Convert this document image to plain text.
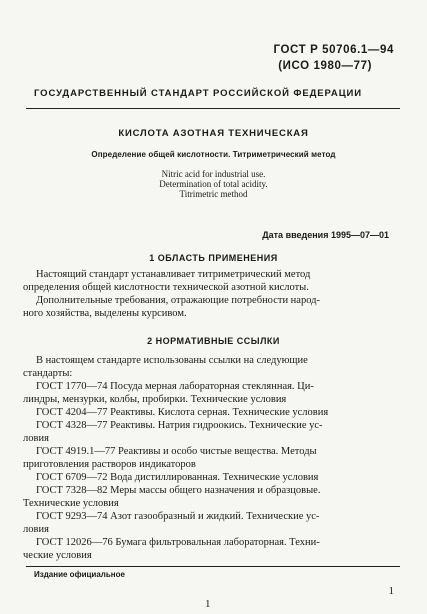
ГОСТ Р 50706.1—94
(ИСО 1980—77)
ГОСУДАРСТВЕННЫЙ СТАНДАРТ РОССИЙСКОЙ ФЕДЕРАЦИИ
КИСЛОТА АЗОТНАЯ ТЕХНИЧЕСКАЯ
Определение общей кислотности. Титриметрический метод
Nitric acid for industrial use.
Determination of total acidity.
Titrimetric method
Дата введения 1995—07—01
1 ОБЛАСТЬ ПРИМЕНЕНИЯ
Настоящий стандарт устанавливает титриметрический метод
определения общей кислотности технической азотной кислоты.
Дополнительные требования, отражающие потребности народ-
ного хозяйства, выделены курсивом.
2 НОРМАТИВНЫЕ ССЫЛКИ
В настоящем стандарте использованы ссылки на следующие
стандарты:
ГОСТ 1770—74 Посуда мерная лабораторная стеклянная. Ци-
линдры, мензурки, колбы, пробирки. Технические условия
ГОСТ 4204—77 Реактивы. Кислота серная. Технические условия
ГОСТ 4328—77 Реактивы. Натрия гидроокись. Технические ус-
ловия
ГОСТ 4919.1—77 Реактивы и особо чистые вещества. Методы
приготовления растворов индикаторов
ГОСТ 6709—72 Вода дистиллированная. Технические условия
ГОСТ 7328—82 Меры массы общего назначения и образцовые.
Технические условия
ГОСТ 9293—74 Азот газообразный и жидкий. Технические ус-
ловия
ГОСТ 12026—76 Бумага фильтровальная лабораторная. Техни-
ческие условия
Издание официальное
1
1
